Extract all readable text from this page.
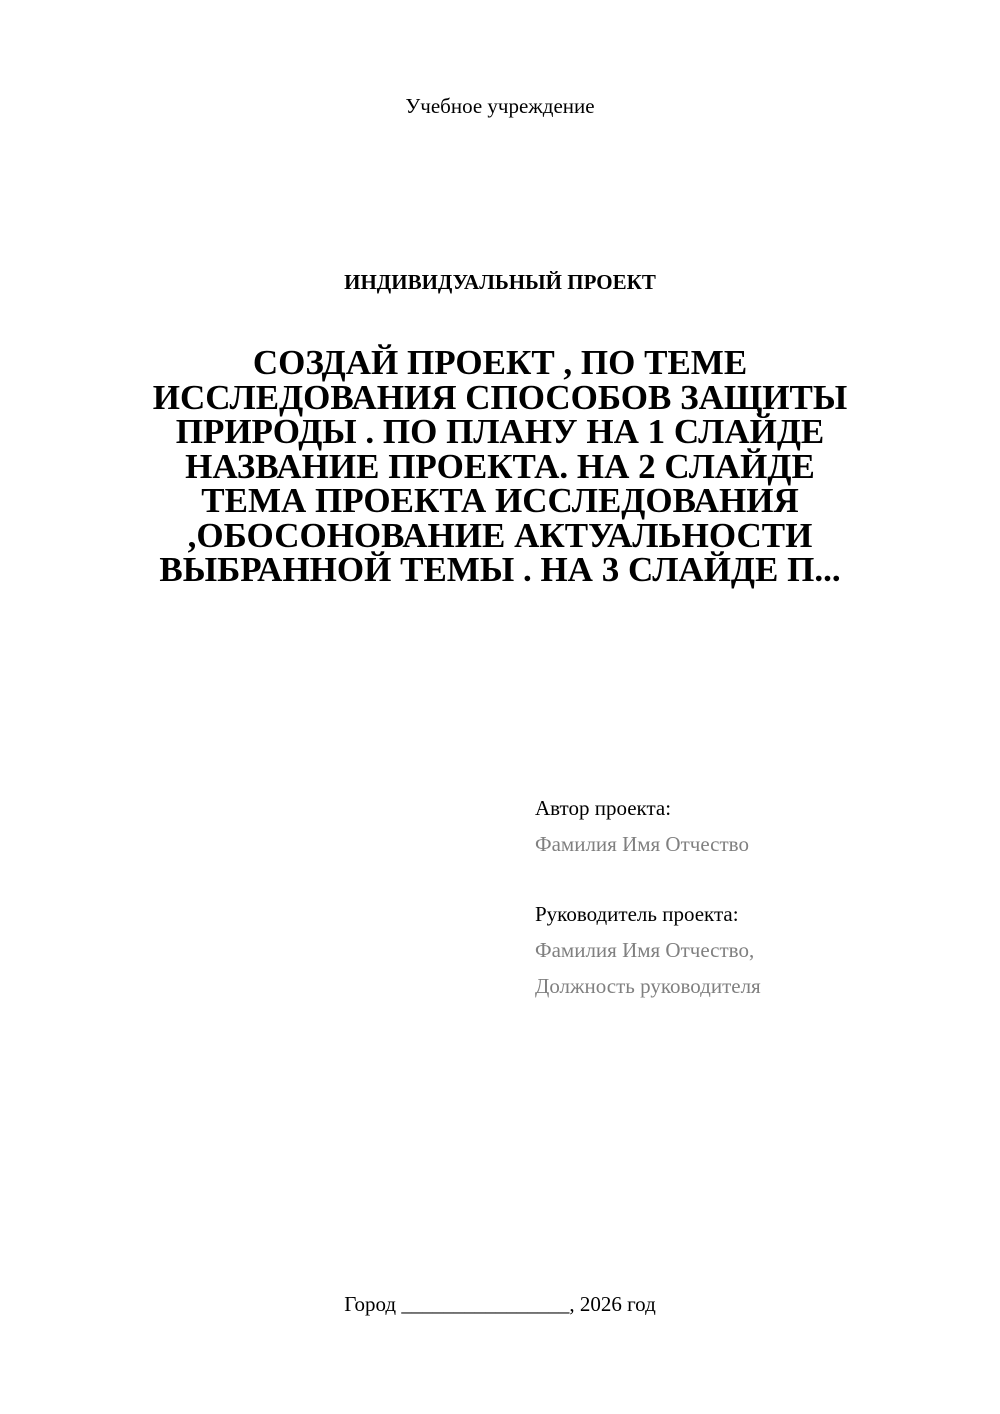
Учебное учреждение

ИНДИВИДУАЛЬНЫЙ ПРОЕКТ

СОЗДАЙ ПРОЕКТ , ПО ТЕМЕ ИССЛЕДОВАНИЯ СПОСОБОВ ЗАЩИТЫ ПРИРОДЫ . ПО ПЛАНУ НА 1 СЛАЙДЕ НАЗВАНИЕ ПРОЕКТА. НА 2 СЛАЙДЕ ТЕМА ПРОЕКТА ИССЛЕДОВАНИЯ ,ОБОСОНОВАНИЕ АКТУАЛЬНОСТИ ВЫБРАННОЙ ТЕМЫ . НА 3 СЛАЙДЕ П...

Автор проекта:

Фамилия Имя Отчество

Руководитель проекта:

Фамилия Имя Отчество,

Должность руководителя

Город ________________, 2026 год
